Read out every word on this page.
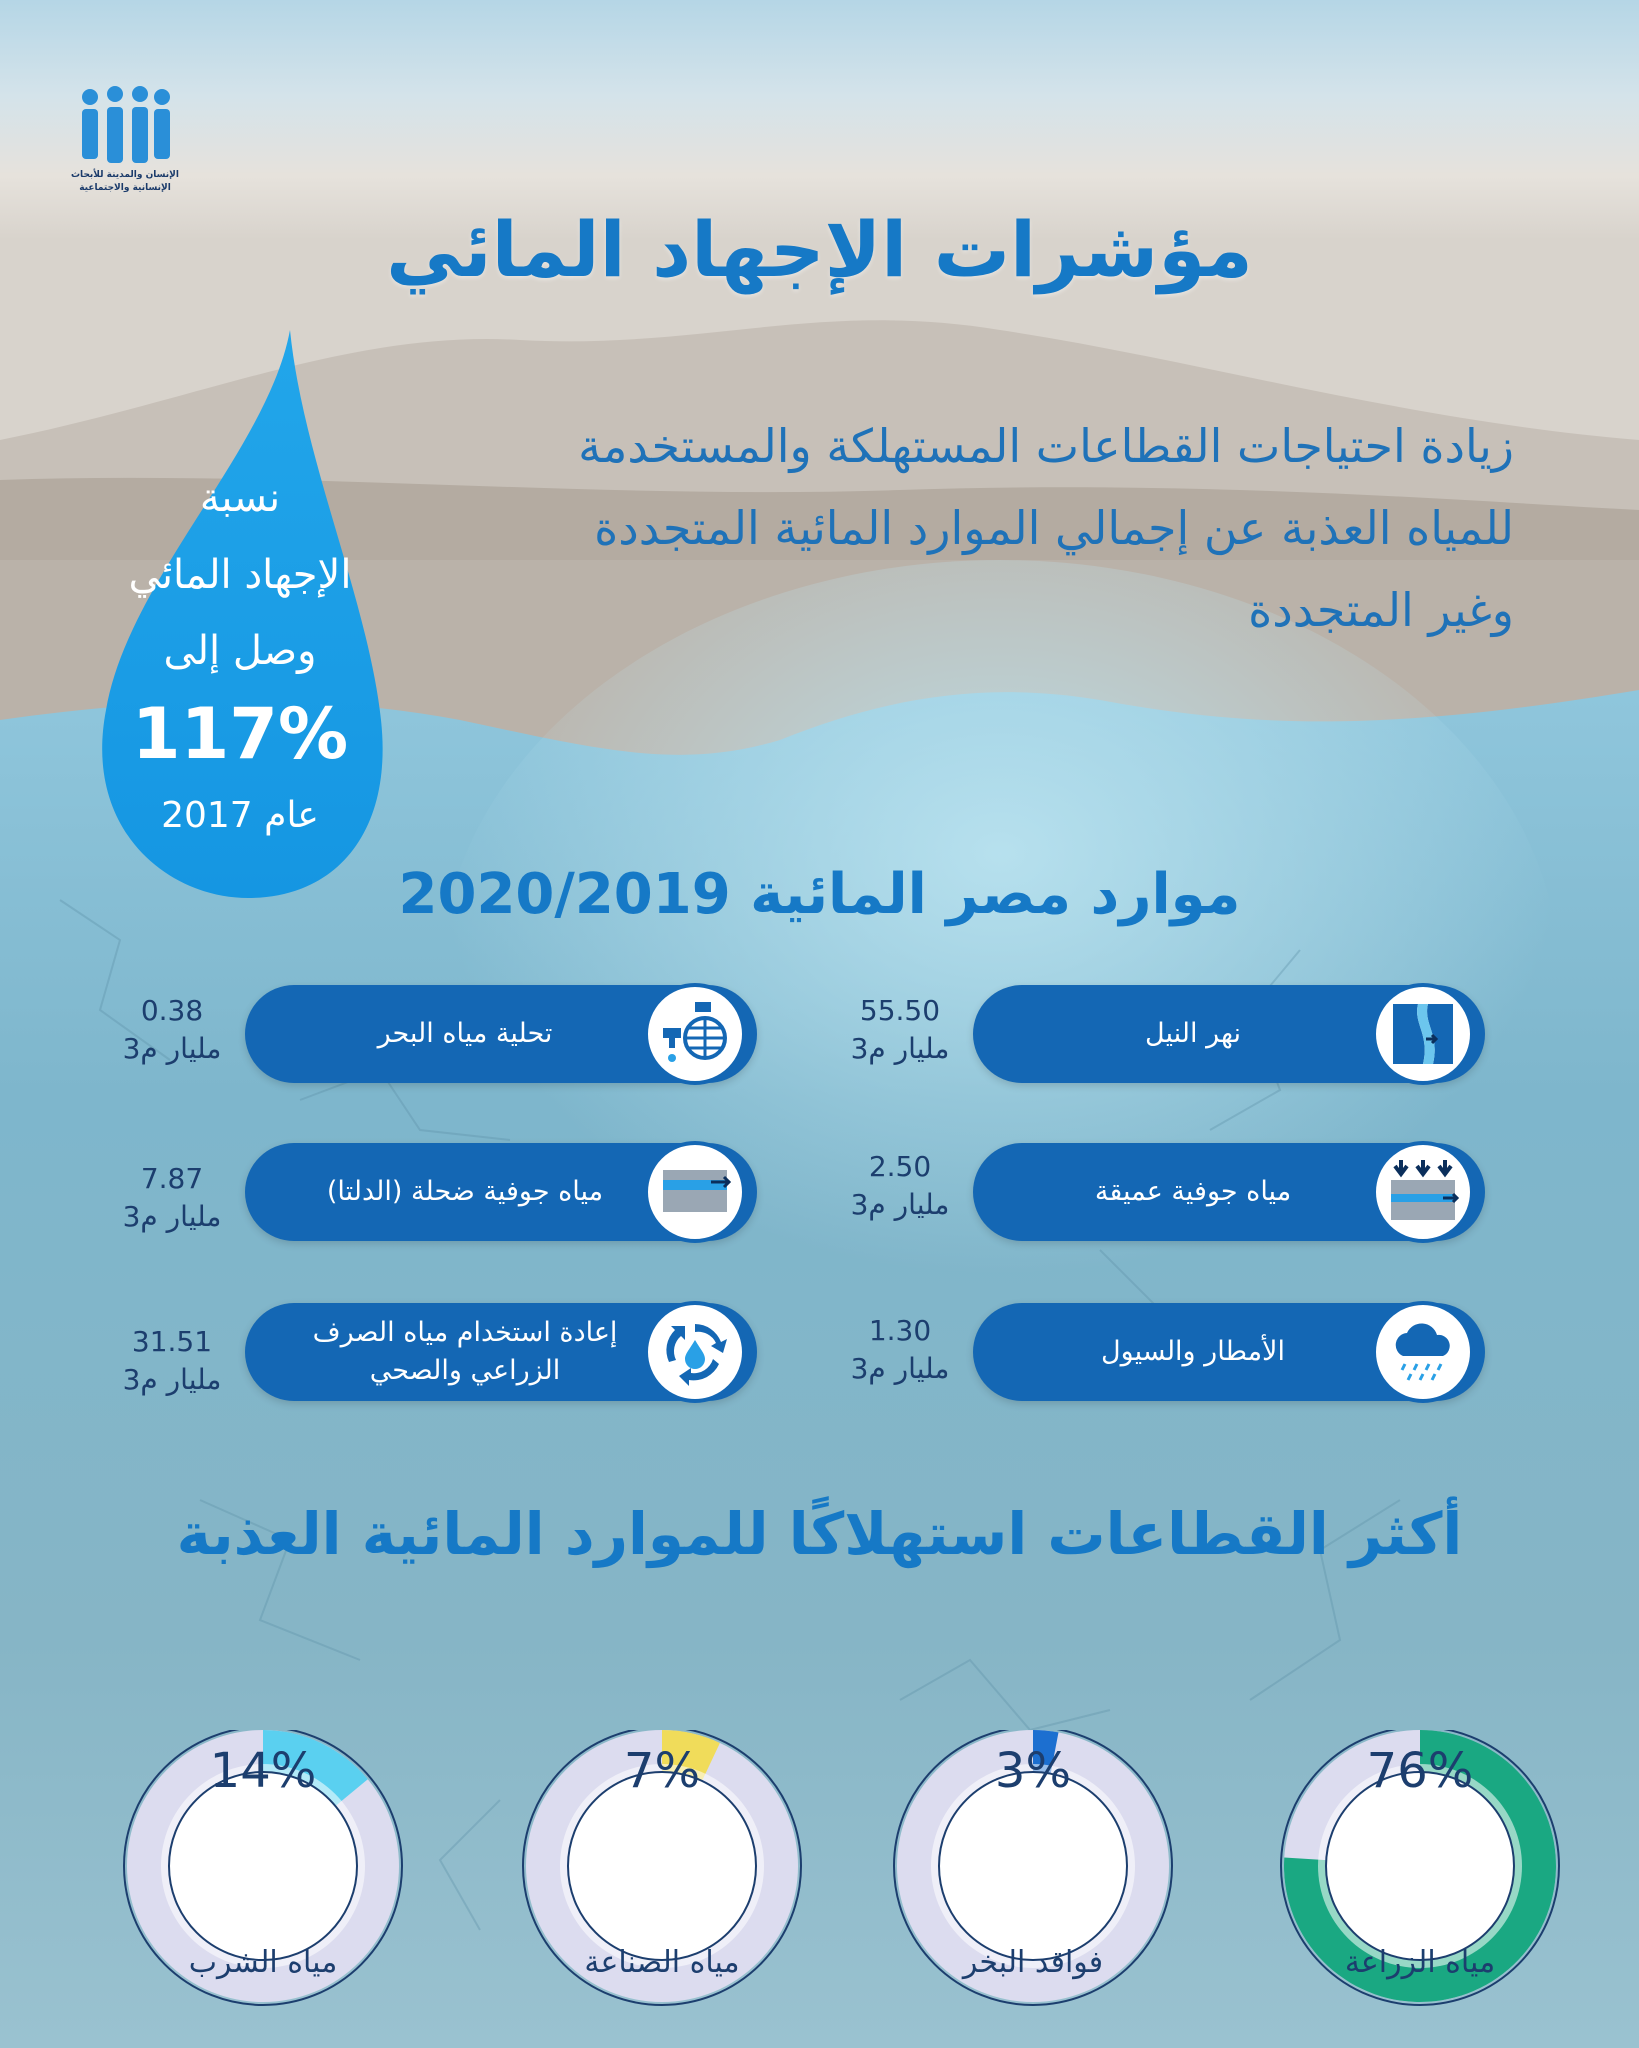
الإنسان والمدينة للأبحاث
الإنسانية والاجتماعية
مؤشرات الإجهاد المائي
زيادة احتياجات القطاعات المستهلكة والمستخدمة
للمياه العذبة عن إجمالي الموارد المائية المتجددة
وغير المتجددة
نسبة
الإجهاد المائي
وصل إلى
117%
عام 2017
موارد مصر المائية 2020/2019
نهر النيل
55.50
مليار م3
تحلية مياه البحر
0.38
مليار م3
مياه جوفية عميقة
2.50
مليار م3
مياه جوفية ضحلة (الدلتا)
7.87
مليار م3
الأمطار والسيول
1.30
مليار م3
إعادة استخدام مياه الصرف
الزراعي والصحي
31.51
مليار م3
أكثر القطاعات استهلاكًا للموارد المائية العذبة
76%
3%
7%
14%
مياه الزراعة
فواقد البخر
مياه الصناعة
مياه الشرب
